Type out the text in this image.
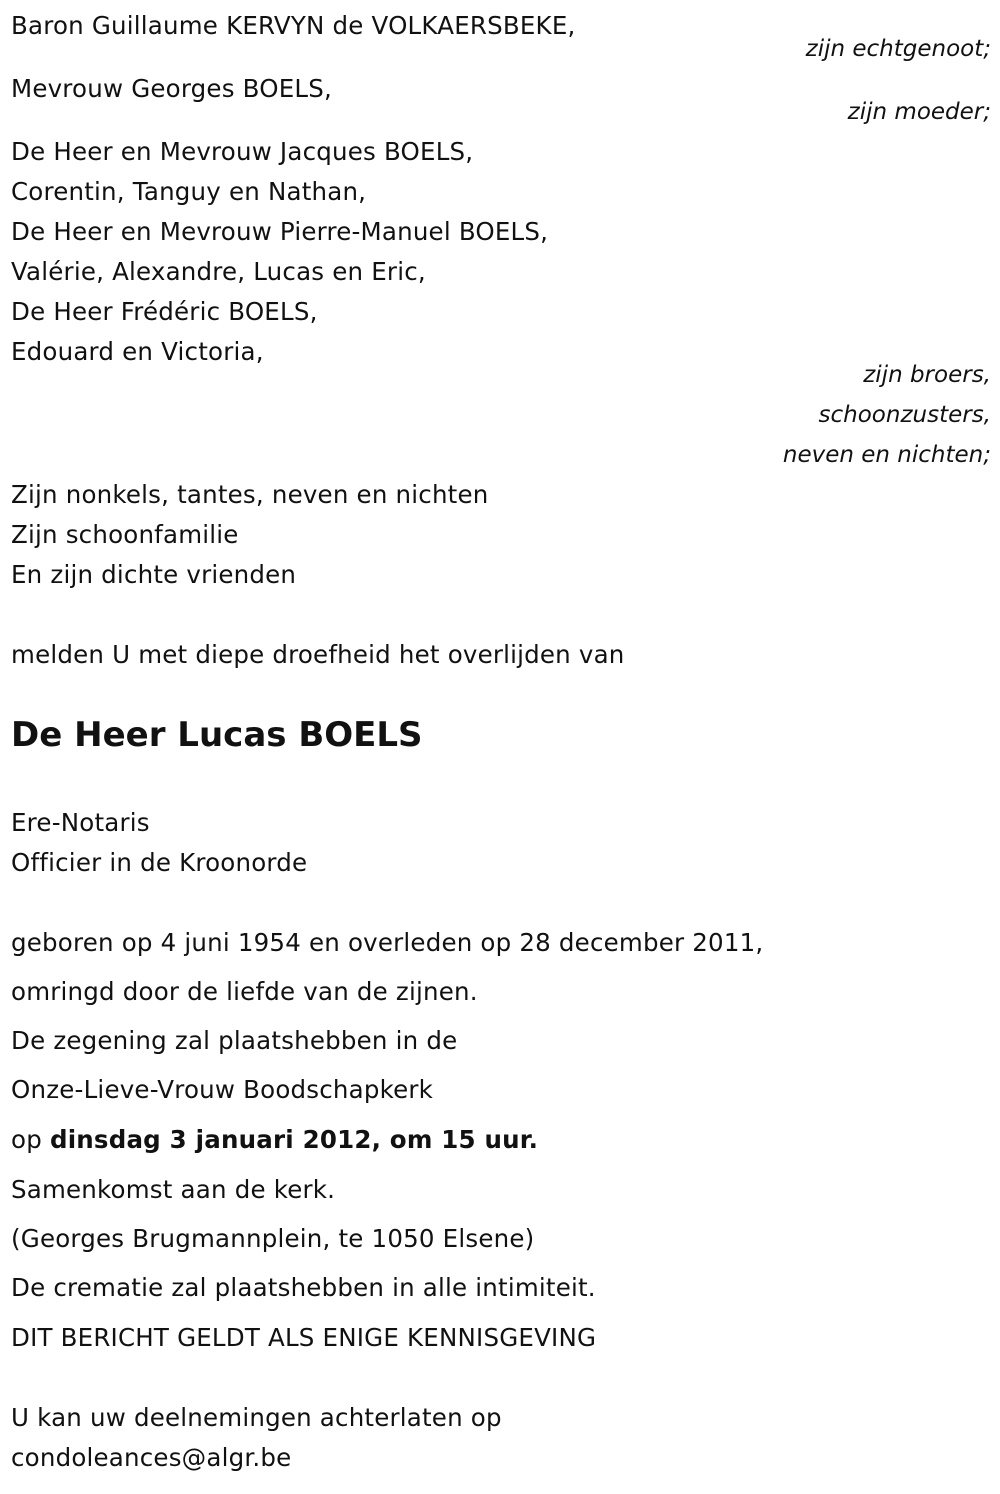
Baron Guillaume KERVYN de VOLKAERSBEKE,
zijn echtgenoot;
Mevrouw Georges BOELS,
zijn moeder;
De Heer en Mevrouw Jacques BOELS,
Corentin, Tanguy en Nathan,
De Heer en Mevrouw Pierre-Manuel BOELS,
Valérie, Alexandre, Lucas en Eric,
De Heer Frédéric BOELS,
Edouard en Victoria,
zijn broers,
schoonzusters,
neven en nichten;
Zijn nonkels, tantes, neven en nichten
Zijn schoonfamilie
En zijn dichte vrienden
melden U met diepe droefheid het overlijden van
De Heer Lucas BOELS
Ere-Notaris
Officier in de Kroonorde
geboren op 4 juni 1954 en overleden op 28 december 2011,
omringd door de liefde van de zijnen.
De zegening zal plaatshebben in de
Onze-Lieve-Vrouw Boodschapkerk
op dinsdag 3 januari 2012, om 15 uur.
Samenkomst aan de kerk.
(Georges Brugmannplein, te 1050 Elsene)
De crematie zal plaatshebben in alle intimiteit.
DIT BERICHT GELDT ALS ENIGE KENNISGEVING
U kan uw deelnemingen achterlaten op
condoleances@algr.be
